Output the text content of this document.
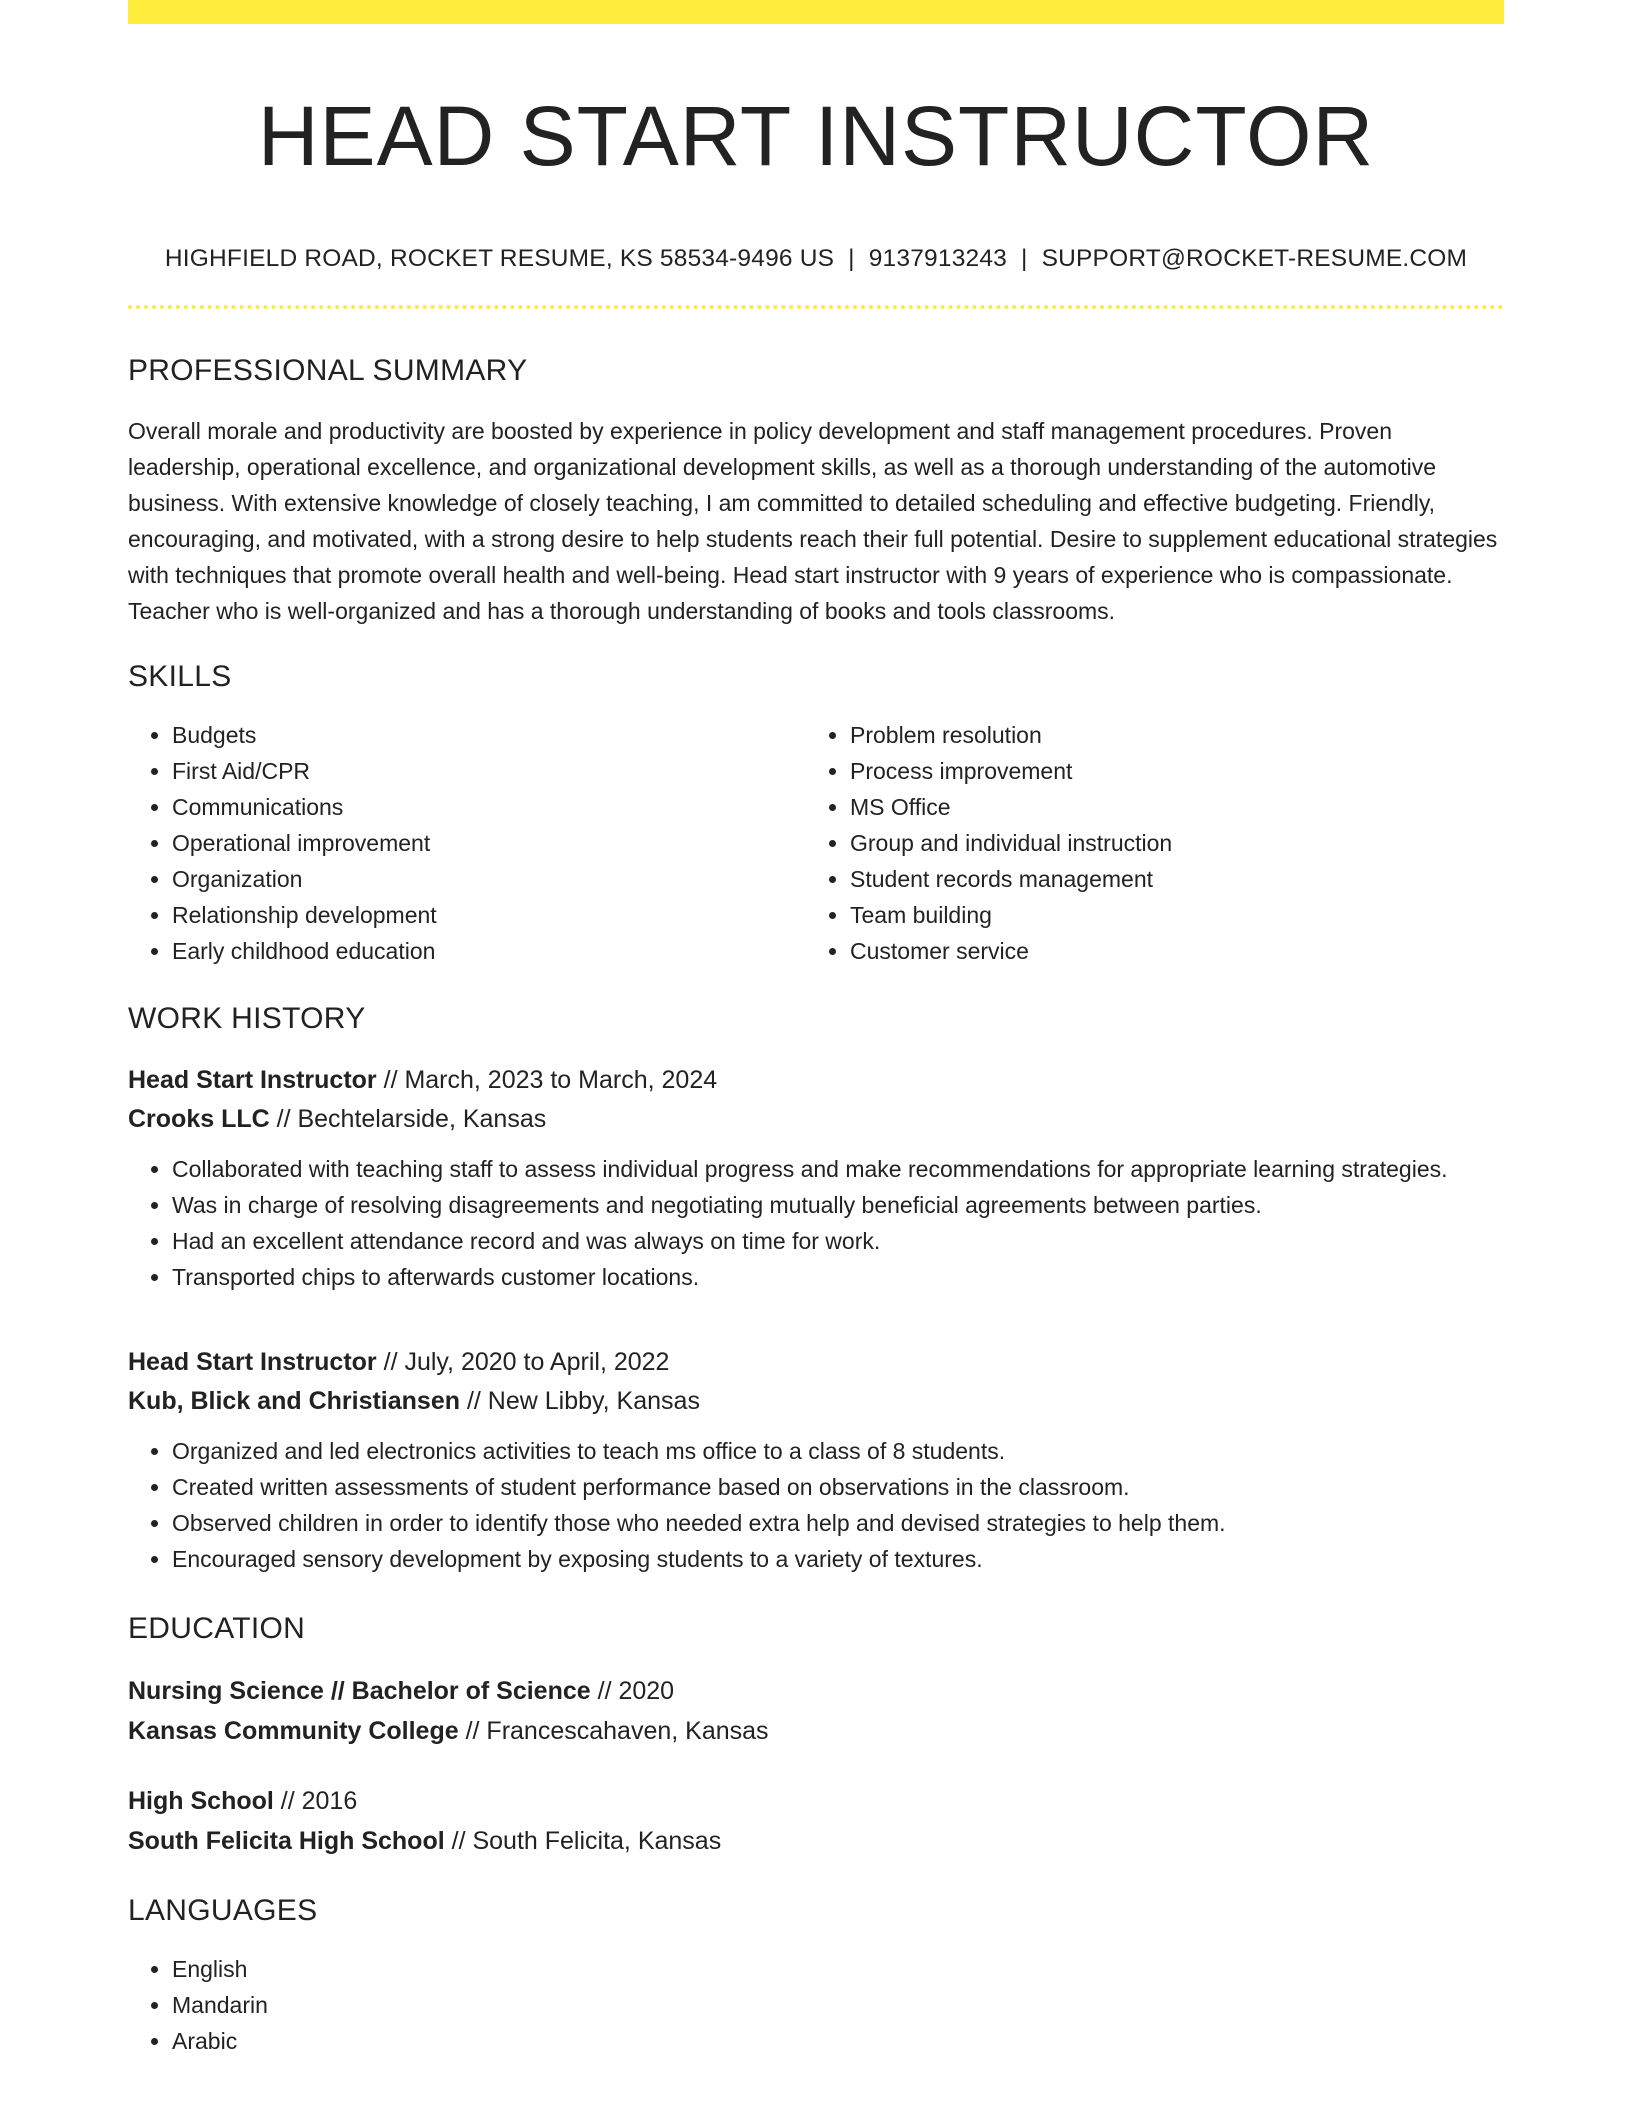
HEAD START INSTRUCTOR
HIGHFIELD ROAD, ROCKET RESUME, KS 58534-9496 US | 9137913243 | SUPPORT@ROCKET-RESUME.COM
PROFESSIONAL SUMMARY
Overall morale and productivity are boosted by experience in policy development and staff management procedures. Proven leadership, operational excellence, and organizational development skills, as well as a thorough understanding of the automotive business. With extensive knowledge of closely teaching, I am committed to detailed scheduling and effective budgeting. Friendly, encouraging, and motivated, with a strong desire to help students reach their full potential. Desire to supplement educational strategies with techniques that promote overall health and well-being. Head start instructor with 9 years of experience who is compassionate. Teacher who is well-organized and has a thorough understanding of books and tools classrooms.
SKILLS
• Budgets
• First Aid/CPR
• Communications
• Operational improvement
• Organization
• Relationship development
• Early childhood education
• Problem resolution
• Process improvement
• MS Office
• Group and individual instruction
• Student records management
• Team building
• Customer service
WORK HISTORY
Head Start Instructor // March, 2023 to March, 2024
Crooks LLC // Bechtelarside, Kansas
• Collaborated with teaching staff to assess individual progress and make recommendations for appropriate learning strategies.
• Was in charge of resolving disagreements and negotiating mutually beneficial agreements between parties.
• Had an excellent attendance record and was always on time for work.
• Transported chips to afterwards customer locations.
Head Start Instructor // July, 2020 to April, 2022
Kub, Blick and Christiansen // New Libby, Kansas
• Organized and led electronics activities to teach ms office to a class of 8 students.
• Created written assessments of student performance based on observations in the classroom.
• Observed children in order to identify those who needed extra help and devised strategies to help them.
• Encouraged sensory development by exposing students to a variety of textures.
EDUCATION
Nursing Science // Bachelor of Science // 2020
Kansas Community College // Francescahaven, Kansas
High School // 2016
South Felicita High School // South Felicita, Kansas
LANGUAGES
• English
• Mandarin
• Arabic
